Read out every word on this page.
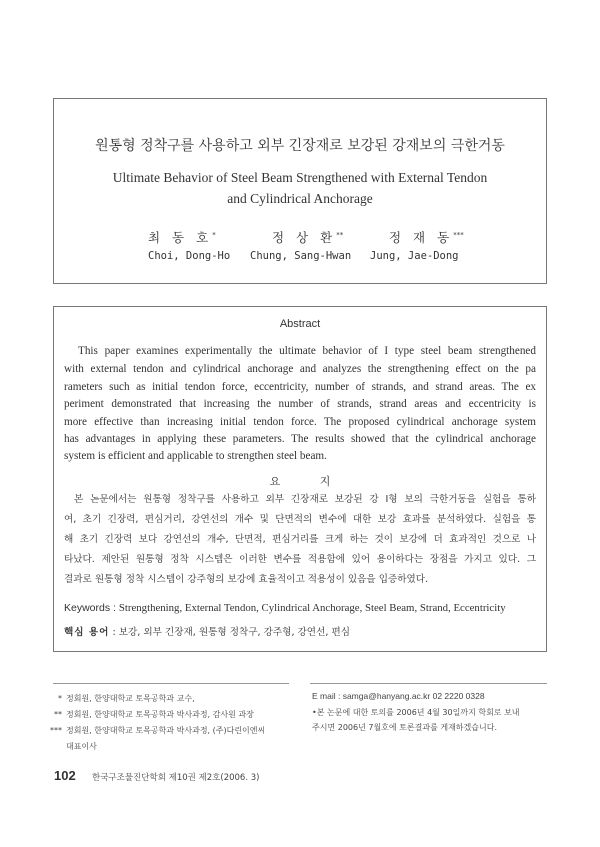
원통형 정착구를 사용하고 외부 긴장재로 보강된 강재보의 극한거동
Ultimate Behavior of Steel Beam Strengthened with External Tendon
and Cylindrical Anchorage
최 동 호*	정 상 환**	정 재 동***
Choi, Dong-Ho Chung, Sang-Hwan Jung, Jae-Dong
Abstract
This paper examines experimentally the ultimate behavior of I type steel beam strengthened
with external tendon and cylindrical anchorage and analyzes the strengthening effect on the pa
rameters such as initial tendon force, eccentricity, number of strands, and strand areas. The ex
periment demonstrated that increasing the number of strands, strand areas and eccentricity is
more effective than increasing initial tendon force. The proposed cylindrical anchorage system
has advantages in applying these parameters. The results showed that the cylindrical anchorage
system is efficient and applicable to strengthen steel beam.
요 지
본 논문에서는 원통형 정착구를 사용하고 외부 긴장재로 보강된 강 I형 보의 극한거동을 실험을 통하
여, 초기 긴장력, 편심거리, 강연선의 개수 및 단면적의 변수에 대한 보강 효과를 분석하였다. 실험을 통
해 초기 긴장력 보다 강연선의 개수, 단면적, 편심거리를 크게 하는 것이 보강에 더 효과적인 것으로 나
타났다. 제안된 원통형 정착 시스템은 이러한 변수를 적용함에 있어 용이하다는 장점을 가지고 있다. 그
결과로 원통형 정착 시스템이 강주형의 보강에 효율적이고 적용성이 있음을 입증하였다.
Keywords : Strengthening, External Tendon, Cylindrical Anchorage, Steel Beam, Strand, Eccentricity
핵심 용어 : 보강, 외부 긴장재, 원통형 정착구, 강주형, 강연선, 편심
* 정회원, 한양대학교 토목공학과 교수,
** 정회원, 한양대학교 토목공학과 박사과정, 감사원 과장
*** 정회원, 한양대학교 토목공학과 박사과정, (주)다린이엔씨
대표이사
E mail : samga@hanyang.ac.kr 02 2220 0328
•본 논문에 대한 토의를 2006년 4월 30일까지 학회로 보내
주시면 2006년 7월호에 토론결과를 게재하겠습니다.
102 한국구조물진단학회 제10권 제2호(2006. 3)
